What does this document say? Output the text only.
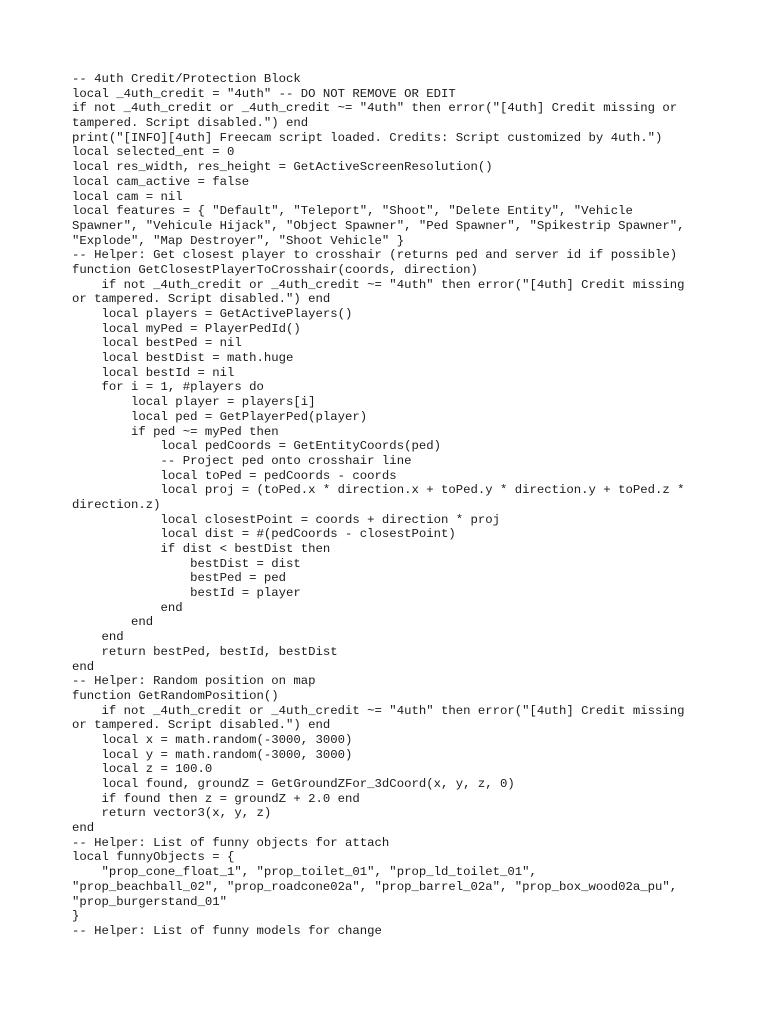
-- 4uth Credit/Protection Block
local _4uth_credit = "4uth" -- DO NOT REMOVE OR EDIT
if not _4uth_credit or _4uth_credit ~= "4uth" then error("[4uth] Credit missing or
tampered. Script disabled.") end
print("[INFO][4uth] Freecam script loaded. Credits: Script customized by 4uth.")
local selected_ent = 0
local res_width, res_height = GetActiveScreenResolution()
local cam_active = false
local cam = nil
local features = { "Default", "Teleport", "Shoot", "Delete Entity", "Vehicle
Spawner", "Vehicule Hijack", "Object Spawner", "Ped Spawner", "Spikestrip Spawner",
"Explode", "Map Destroyer", "Shoot Vehicle" }
-- Helper: Get closest player to crosshair (returns ped and server id if possible)
function GetClosestPlayerToCrosshair(coords, direction)
if not _4uth_credit or _4uth_credit ~= "4uth" then error("[4uth] Credit missing
or tampered. Script disabled.") end
local players = GetActivePlayers()
local myPed = PlayerPedId()
local bestPed = nil
local bestDist = math.huge
local bestId = nil
for i = 1, #players do
local player = players[i]
local ped = GetPlayerPed(player)
if ped ~= myPed then
local pedCoords = GetEntityCoords(ped)
-- Project ped onto crosshair line
local toPed = pedCoords - coords
local proj = (toPed.x * direction.x + toPed.y * direction.y + toPed.z *
direction.z)
local closestPoint = coords + direction * proj
local dist = #(pedCoords - closestPoint)
if dist < bestDist then
bestDist = dist
bestPed = ped
bestId = player
end
end
end
return bestPed, bestId, bestDist
end
-- Helper: Random position on map
function GetRandomPosition()
if not _4uth_credit or _4uth_credit ~= "4uth" then error("[4uth] Credit missing
or tampered. Script disabled.") end
local x = math.random(-3000, 3000)
local y = math.random(-3000, 3000)
local z = 100.0
local found, groundZ = GetGroundZFor_3dCoord(x, y, z, 0)
if found then z = groundZ + 2.0 end
return vector3(x, y, z)
end
-- Helper: List of funny objects for attach
local funnyObjects = {
"prop_cone_float_1", "prop_toilet_01", "prop_ld_toilet_01",
"prop_beachball_02", "prop_roadcone02a", "prop_barrel_02a", "prop_box_wood02a_pu",
"prop_burgerstand_01"
}
-- Helper: List of funny models for change
